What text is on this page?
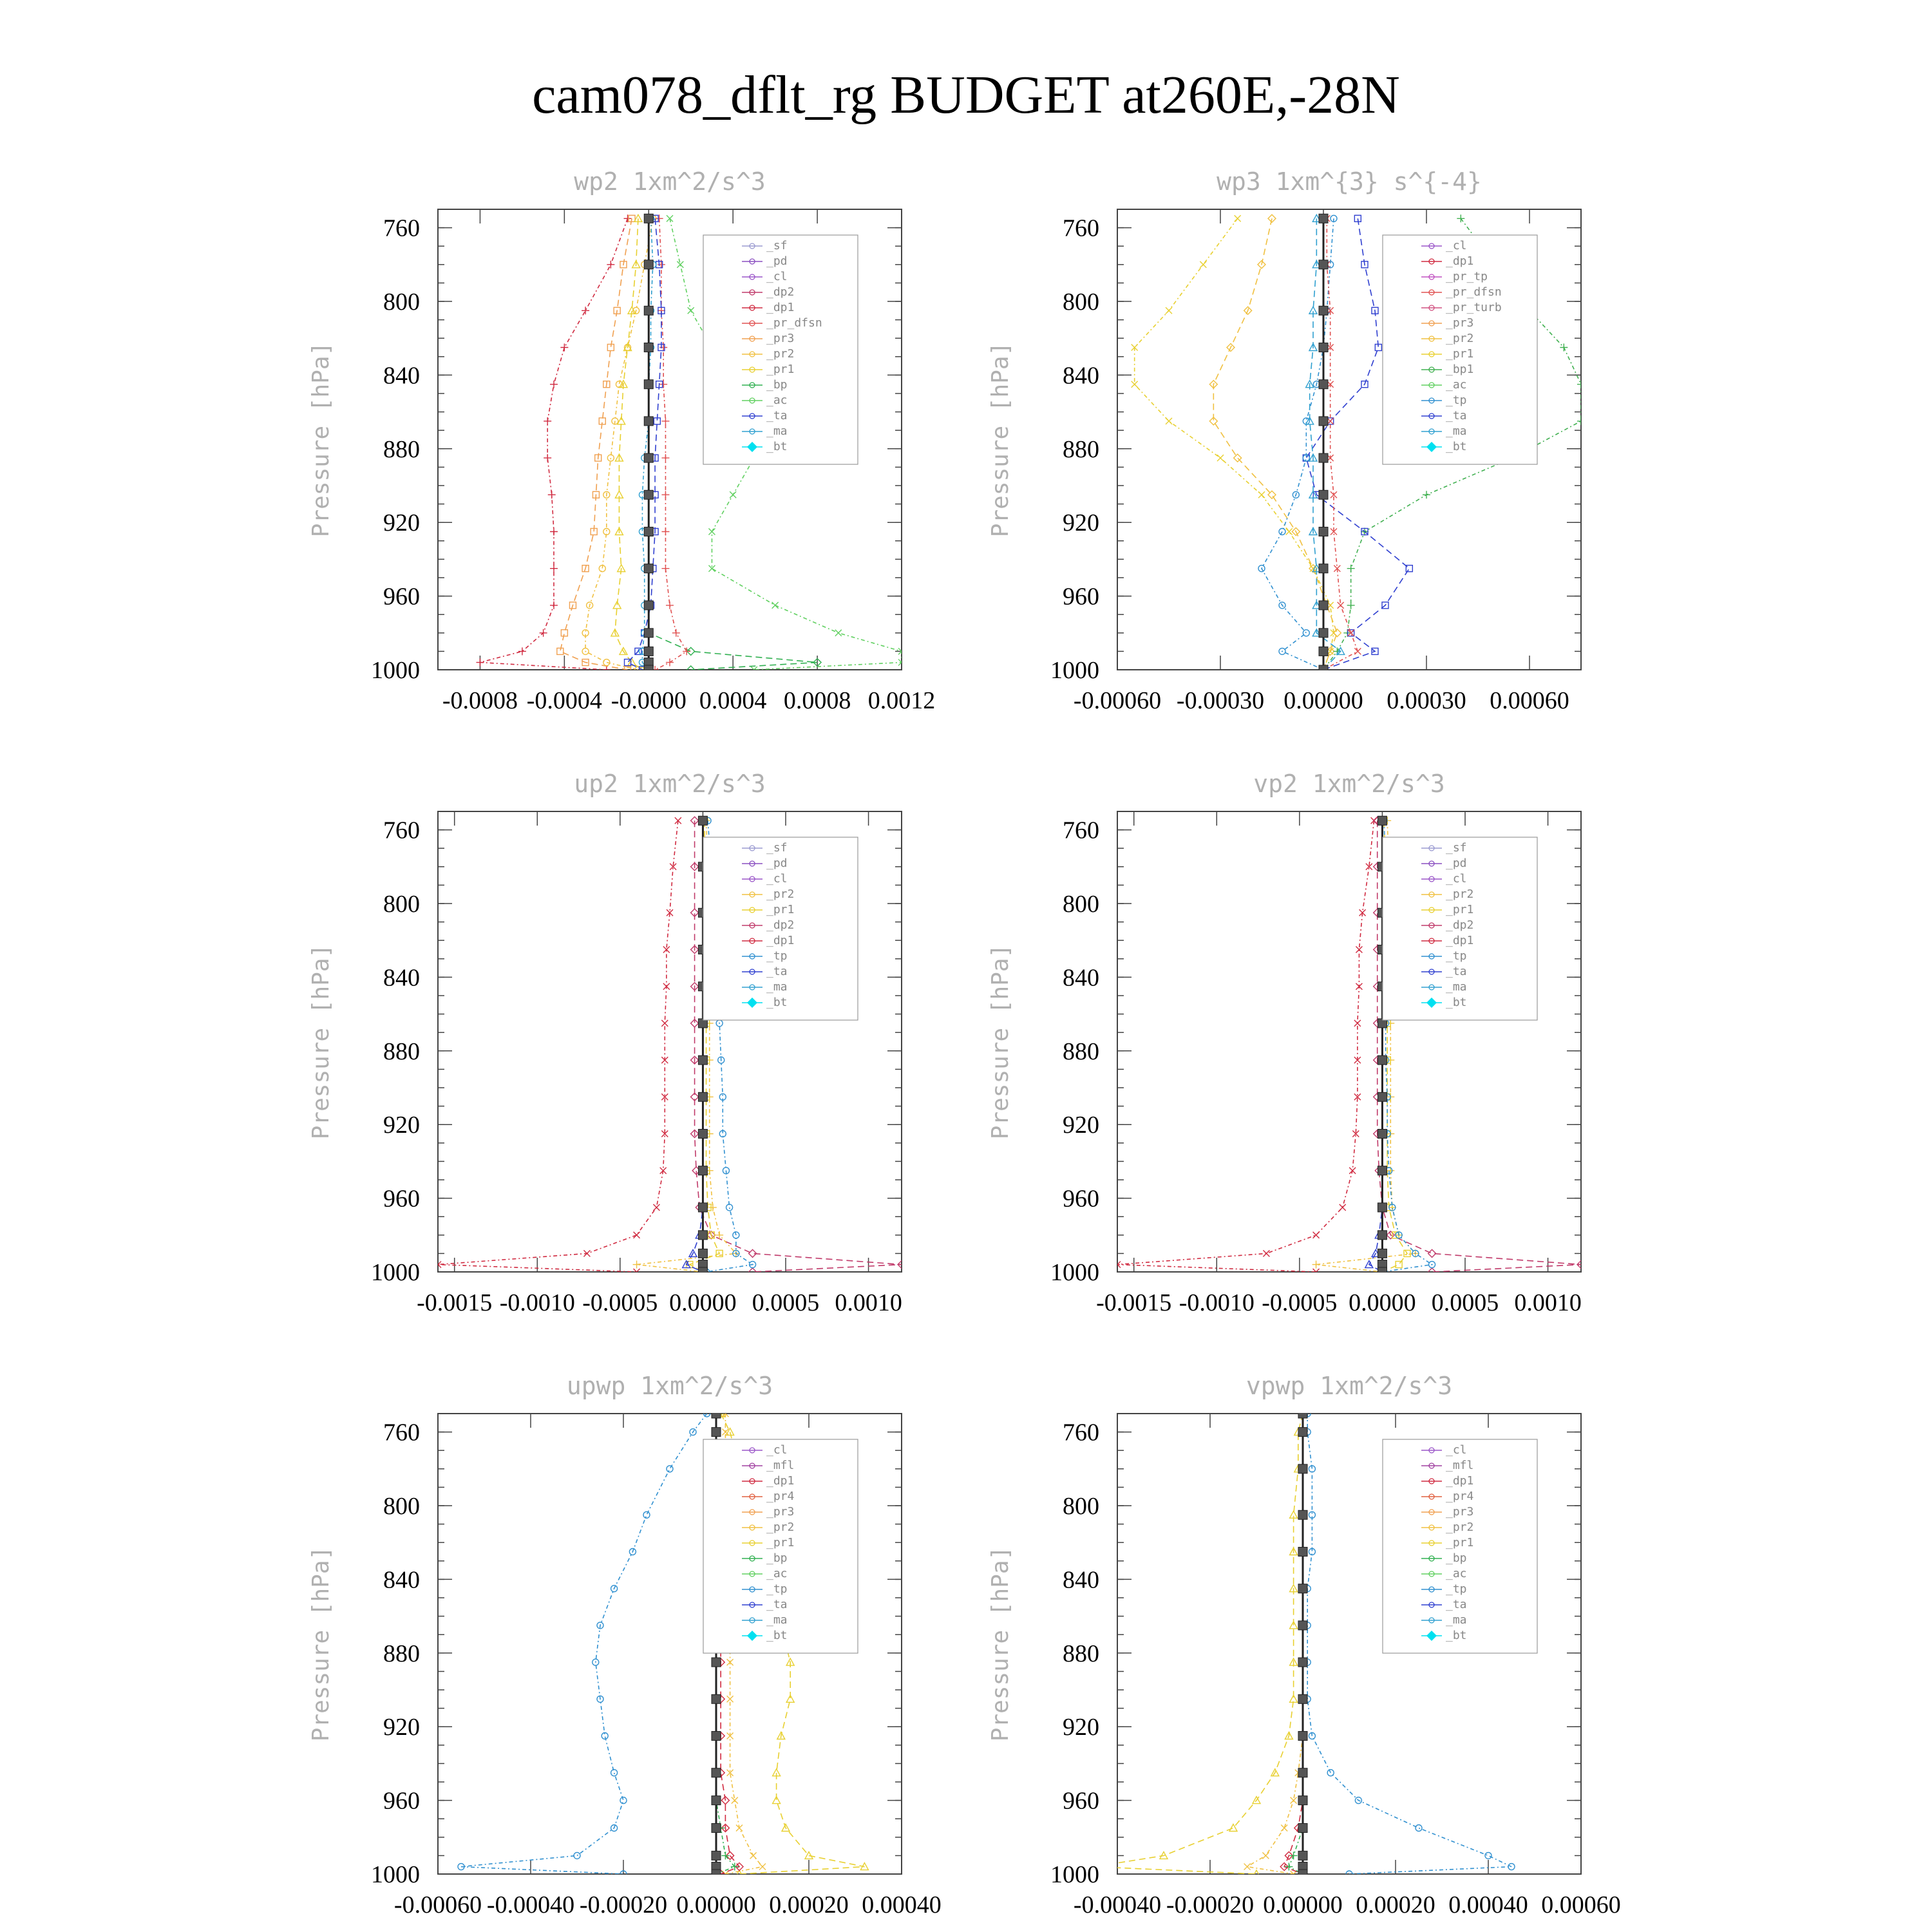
cam078_dflt_rg BUDGET at260E,-28N
wp2 1xm^2/s^3
Pressure [hPa]
760
800
840
880
920
960
1000
-0.0008 -0.0004 -0.0000 0.0004 0.0008 0.0012
_sf
_pd
_cl
_dp2
_dp1
_pr_dfsn
_pr3
_pr2
_pr1
_bp
_ac
_ta
_ma
_bt
wp3 1xm^{3} s^{-4}
Pressure [hPa]
760
800
840
880
920
960
1000
-0.00060 -0.00030 0.00000 0.00030 0.00060
_cl
_dp1
_pr_tp
_pr_dfsn
_pr_turb
_pr3
_pr2
_pr1
_bp1
_ac
_tp
_ta
_ma
_bt
up2 1xm^2/s^3
Pressure [hPa]
760
800
840
880
920
960
1000
-0.0015 -0.0010 -0.0005 0.0000 0.0005 0.0010
_sf
_pd
_cl
_pr2
_pr1
_dp2
_dp1
_tp
_ta
_ma
_bt
vp2 1xm^2/s^3
Pressure [hPa]
760
800
840
880
920
960
1000
-0.0015 -0.0010 -0.0005 0.0000 0.0005 0.0010
_sf
_pd
_cl
_pr2
_pr1
_dp2
_dp1
_tp
_ta
_ma
_bt
upwp 1xm^2/s^3
Pressure [hPa]
760
800
840
880
920
960
1000
-0.00060 -0.00040 -0.00020 0.00000 0.00020 0.00040
_cl
_mfl
_dp1
_pr4
_pr3
_pr2
_pr1
_bp
_ac
_tp
_ta
_ma
_bt
vpwp 1xm^2/s^3
Pressure [hPa]
760
800
840
880
920
960
1000
-0.00040 -0.00020 0.00000 0.00020 0.00040 0.00060
_cl
_mfl
_dp1
_pr4
_pr3
_pr2
_pr1
_bp
_ac
_tp
_ta
_ma
_bt
